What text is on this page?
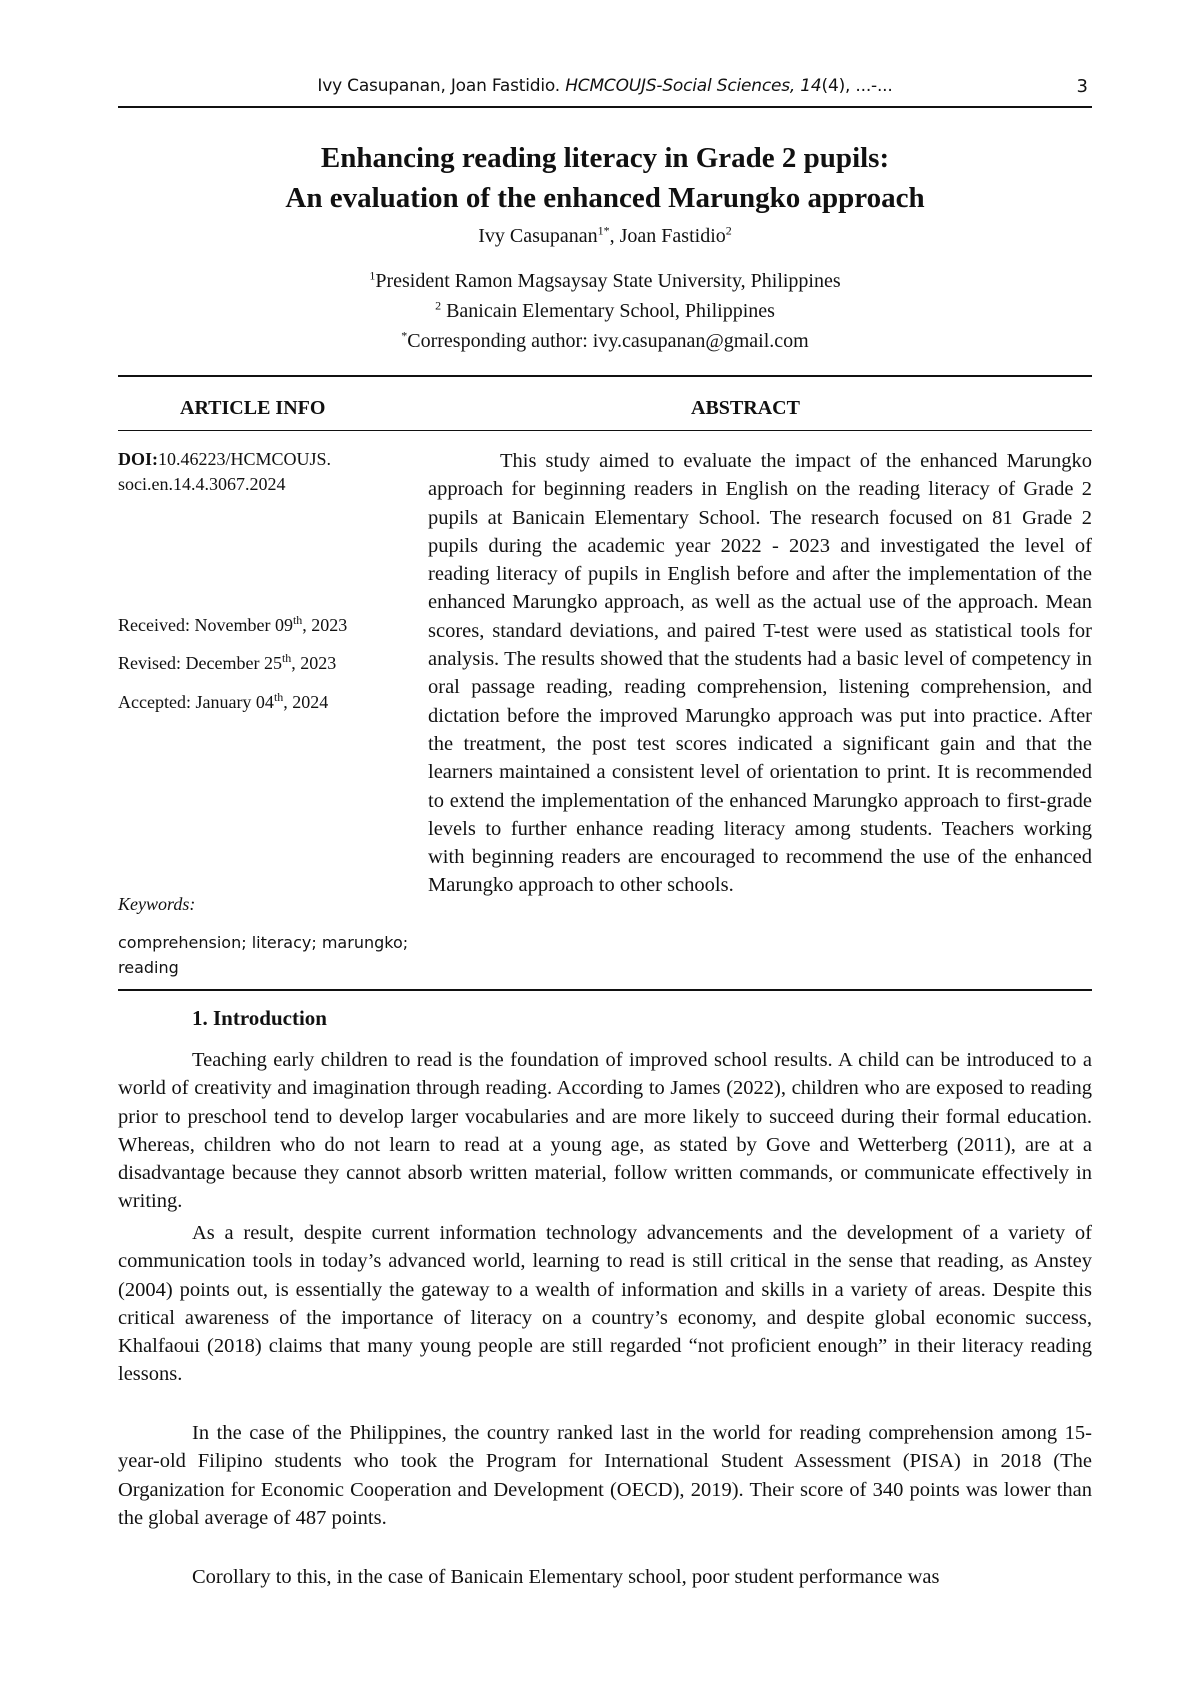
Ivy Casupanan, Joan Fastidio. HCMCOUJS-Social Sciences, 14(4), ...-...	3
Enhancing reading literacy in Grade 2 pupils:
An evaluation of the enhanced Marungko approach
Ivy Casupanan$^{1*}$, Joan Fastidio$^2$
$^1$President Ramon Magsaysay State University, Philippines
$^2$ Banicain Elementary School, Philippines
*Corresponding author: ivy.casupanan@gmail.com
ARTICLE INFO	ABSTRACT
DOI:10.46223/HCMCOUJS. soci.en.14.4.3067.2024
Received: November 09th, 2023
Revised: December 25th, 2023
Accepted: January 04th, 2024
Keywords:
comprehension; literacy; marungko; reading
This study aimed to evaluate the impact of the enhanced Marungko approach for beginning readers in English on the reading literacy of Grade 2 pupils at Banicain Elementary School. The research focused on 81 Grade 2 pupils during the academic year 2022 - 2023 and investigated the level of reading literacy of pupils in English before and after the implementation of the enhanced Marungko approach, as well as the actual use of the approach. Mean scores, standard deviations, and paired T-test were used as statistical tools for analysis. The results showed that the students had a basic level of competency in oral passage reading, reading comprehension, listening comprehension, and dictation before the improved Marungko approach was put into practice. After the treatment, the post test scores indicated a significant gain and that the learners maintained a consistent level of orientation to print. It is recommended to extend the implementation of the enhanced Marungko approach to first-grade levels to further enhance reading literacy among students. Teachers working with beginning readers are encouraged to recommend the use of the enhanced Marungko approach to other schools.
1. Introduction

Teaching early children to read is the foundation of improved school results. A child can be introduced to a world of creativity and imagination through reading. According to James (2022), children who are exposed to reading prior to preschool tend to develop larger vocabularies and are more likely to succeed during their formal education. Whereas, children who do not learn to read at a young age, as stated by Gove and Wetterberg (2011), are at a disadvantage because they cannot absorb written material, follow written commands, or communicate effectively in writing.

As a result, despite current information technology advancements and the development of a variety of communication tools in today’s advanced world, learning to read is still critical in the sense that reading, as Anstey (2004) points out, is essentially the gateway to a wealth of information and skills in a variety of areas. Despite this critical awareness of the importance of literacy on a country’s economy, and despite global economic success, Khalfaoui (2018) claims that many young people are still regarded “not proficient enough” in their literacy reading lessons.

In the case of the Philippines, the country ranked last in the world for reading comprehension among 15-year-old Filipino students who took the Program for International Student Assessment (PISA) in 2018 (The Organization for Economic Cooperation and Development (OECD), 2019). Their score of 340 points was lower than the global average of 487 points.

Corollary to this, in the case of Banicain Elementary school, poor student performance was
